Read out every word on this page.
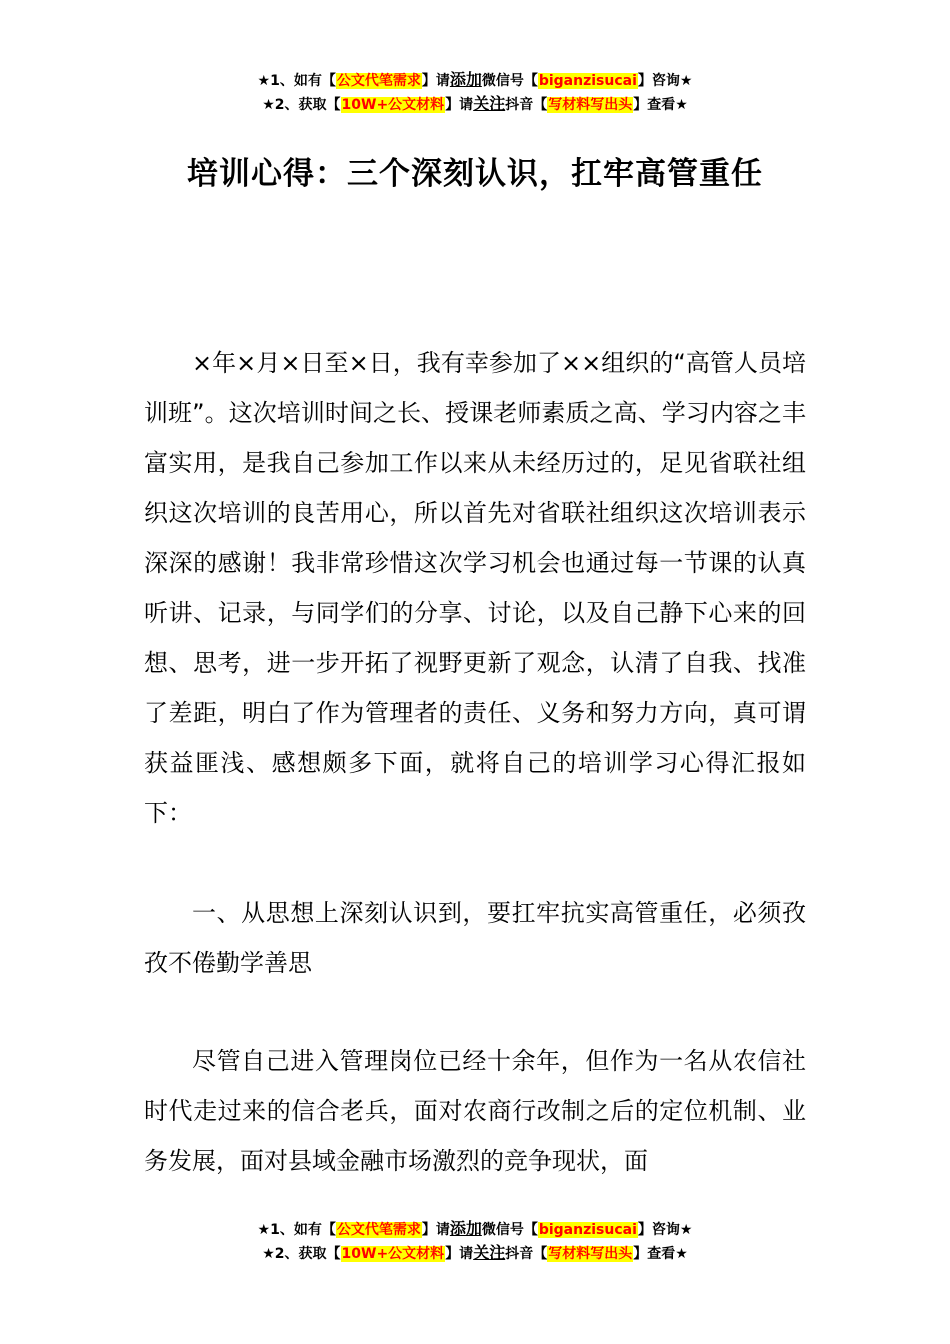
★1、如有【公文代笔需求】请添加微信号【biganzisucai】咨询★
★2、获取【10W+公文材料】请关注抖音【写材料写出头】查看★
培训心得：三个深刻认识，扛牢高管重任

×年×月×日至×日，我有幸参加了××组织的“高管人员培训班”。这次培训时间之长、授课老师素质之高、学习内容之丰富实用，是我自己参加工作以来从未经历过的，足见省联社组织这次培训的良苦用心，所以首先对省联社组织这次培训表示深深的感谢！我非常珍惜这次学习机会也通过每一节课的认真听讲、记录，与同学们的分享、讨论，以及自己静下心来的回想、思考，进一步开拓了视野更新了观念，认清了自我、找准了差距，明白了作为管理者的责任、义务和努力方向，真可谓获益匪浅、感想颇多下面，就将自己的培训学习心得汇报如下：

一、从思想上深刻认识到，要扛牢抗实高管重任，必须孜孜不倦勤学善思

尽管自己进入管理岗位已经十余年，但作为一名从农信社时代走过来的信合老兵，面对农商行改制之后的定位机制、业务发展，面对县域金融市场激烈的竞争现状，面

★1、如有【公文代笔需求】请添加微信号【biganzisucai】咨询★
★2、获取【10W+公文材料】请关注抖音【写材料写出头】查看★
